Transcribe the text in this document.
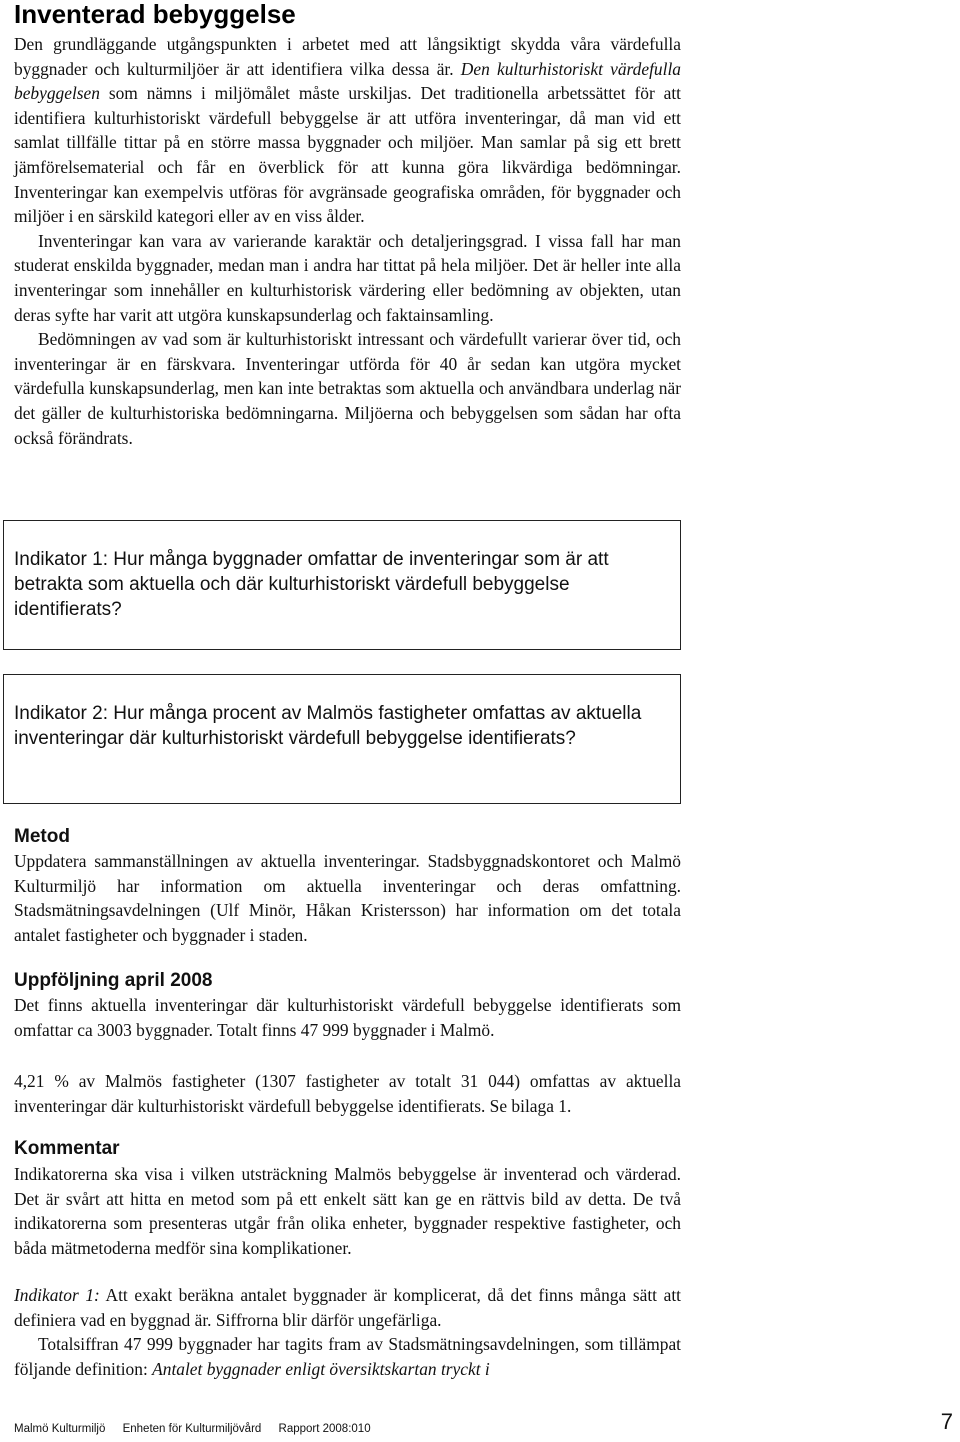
Inventerad bebyggelse

Den grundläggande utgångspunkten i arbetet med att långsiktigt skydda våra värdefulla byggnader och kulturmiljöer är att identifiera vilka dessa är. Den kulturhistoriskt värdefulla bebyggelsen som nämns i miljömålet måste urskiljas. Det traditionella arbetssättet för att identifiera kulturhistoriskt värdefull bebyggelse är att utföra inventeringar, då man vid ett samlat tillfälle tittar på en större massa byggnader och miljöer. Man samlar på sig ett brett jämförelsematerial och får en överblick för att kunna göra likvärdiga bedömningar. Inventeringar kan exempelvis utföras för avgränsade geografiska områden, för byggnader och miljöer i en särskild kategori eller av en viss ålder.

Inventeringar kan vara av varierande karaktär och detaljeringsgrad. I vissa fall har man studerat enskilda byggnader, medan man i andra har tittat på hela miljöer. Det är heller inte alla inventeringar som innehåller en kulturhistorisk värdering eller bedömning av objekten, utan deras syfte har varit att utgöra kunskapsunderlag och faktainsamling.

Bedömningen av vad som är kulturhistoriskt intressant och värdefullt varierar över tid, och inventeringar är en färskvara. Inventeringar utförda för 40 år sedan kan utgöra mycket värdefulla kunskapsunderlag, men kan inte betraktas som aktuella och användbara underlag när det gäller de kulturhistoriska bedömningarna. Miljöerna och bebyggelsen som sådan har ofta också förändrats.

Indikator 1: Hur många byggnader omfattar de inventeringar som är att betrakta som aktuella och där kulturhistoriskt värdefull bebyggelse identifierats?
Indikator 2: Hur många procent av Malmös fastigheter omfattas av aktuella inventeringar där kulturhistoriskt värdefull bebyggelse identifierats?
Metod

Uppdatera sammanställningen av aktuella inventeringar. Stadsbyggnadskontoret och Malmö Kulturmiljö har information om aktuella inventeringar och deras omfattning. Stadsmätningsavdelningen (Ulf Minör, Håkan Kristersson) har information om det totala antalet fastigheter och byggnader i staden.

Uppföljning april 2008

Det finns aktuella inventeringar där kulturhistoriskt värdefull bebyggelse identifierats som omfattar ca 3003 byggnader. Totalt finns 47 999 byggnader i Malmö.

4,21 % av Malmös fastigheter (1307 fastigheter av totalt 31 044) omfattas av aktuella inventeringar där kulturhistoriskt värdefull bebyggelse identifierats. Se bilaga 1.

Kommentar

Indikatorerna ska visa i vilken utsträckning Malmös bebyggelse är inventerad och värderad. Det är svårt att hitta en metod som på ett enkelt sätt kan ge en rättvis bild av detta. De två indikatorerna som presenteras utgår från olika enheter, byggnader respektive fastigheter, och båda mätmetoderna medför sina komplikationer.

Indikator 1: Att exakt beräkna antalet byggnader är komplicerat, då det finns många sätt att definiera vad en byggnad är. Siffrorna blir därför ungefärliga.

Totalsiffran 47 999 byggnader har tagits fram av Stadsmätningsavdelningen, som tillämpat följande definition: Antalet byggnader enligt översiktskartan tryckt i

Malmö Kulturmiljö Enheten för Kulturmiljövård Rapport 2008:010	7
